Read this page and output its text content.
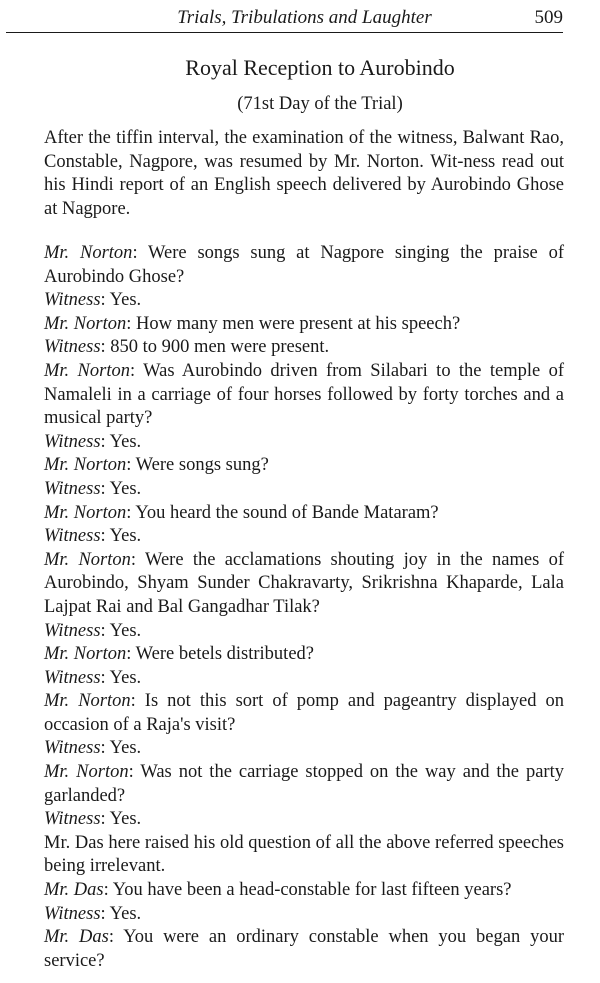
Trials, Tribulations and Laughter	509
Royal Reception to Aurobindo
(71st Day of the Trial)

After the tiffin interval, the examination of the witness, Balwant Rao, Constable, Nagpore, was resumed by Mr. Norton. Wit-ness read out his Hindi report of an English speech delivered by Aurobindo Ghose at Nagpore.

Mr. Norton: Were songs sung at Nagpore singing the praise of Aurobindo Ghose?

Witness: Yes.

Mr. Norton: How many men were present at his speech?

Witness: 850 to 900 men were present.

Mr. Norton: Was Aurobindo driven from Silabari to the temple of Namaleli in a carriage of four horses followed by forty torches and a musical party?

Witness: Yes.

Mr. Norton: Were songs sung?

Witness: Yes.

Mr. Norton: You heard the sound of Bande Mataram?

Witness: Yes.

Mr. Norton: Were the acclamations shouting joy in the names of Aurobindo, Shyam Sunder Chakravarty, Srikrishna Khaparde, Lala Lajpat Rai and Bal Gangadhar Tilak?

Witness: Yes.

Mr. Norton: Were betels distributed?

Witness: Yes.

Mr. Norton: Is not this sort of pomp and pageantry displayed on occasion of a Raja's visit?

Witness: Yes.

Mr. Norton: Was not the carriage stopped on the way and the party garlanded?

Witness: Yes.

Mr. Das here raised his old question of all the above referred speeches being irrelevant.

Mr. Das: You have been a head-constable for last fifteen years?

Witness: Yes.

Mr. Das: You were an ordinary constable when you began your service?
